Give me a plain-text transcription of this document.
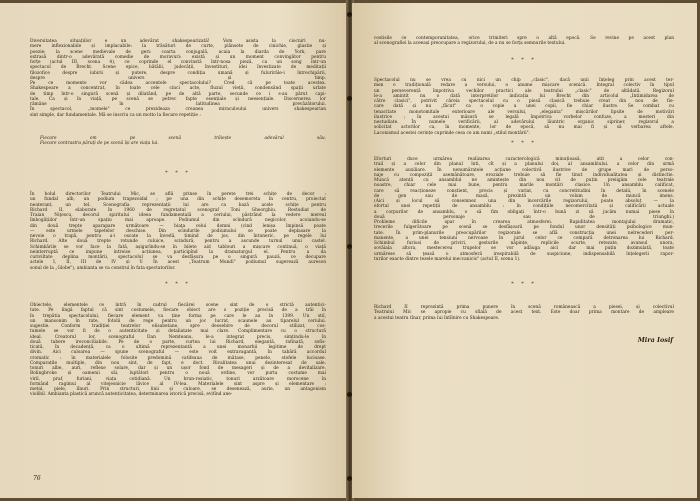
Diversitatea situațiilor e un adevărat shakespearizată! Vom asista la ciocniri nu-
mere inflexionabile și implacabile: la trăsături de curte, plânsete de cinichie, glastie și
poezie; la scene medievale de geri: coarta conjugală, acaia la diarda de York, pare
extrasă dintr-o adevărată comedie de moravuri: există și un moment convingător pentru
forțe (actul III, scena 4), ce coprinde el convinstă într-nosa pieză, ca un song într-un
spectacol de Brecht. Scene epice, bătălii, judecății, învestituri, idei învestizate de meditații
filozofice despre iubirii și putere, despre condiția umană și fulurirăle-i întrechipării,
despre univers și timp.
Pe ce momente vor cădea accentele spectacolului? Cred că pe toate acestea.
Shakespeare a concentrat, în toate cele cinci acte, fluxul vieții, condensând spații urlate
de timp într-o singură scenă și dilatând, pe de altă parte, secunde ce i s-au părut capi-
tale. Ca și în viață, pe scenă se petrec fapte esențiale și neesențiale. Discernerea lor
rămâne în latitudinea prevăzătorului.
În spectacol, „momele" ce prezideaza creanea miraculoului univers shakespearian
sint simple, dar fundamentale. Mă se inscriu ca un motto la fiecare repetiție :
Fiecare om pe scenă trăiește adevărul său.
Fiecare contrastru păruți de pe scenă își are viața lui.
* * *
În holul directorilor Teatrului Mic, se află prinse în perete trei schițe de decor :
un fundal alb, un podium trapezoidal ; pe una din schițe desemoreta în centru, proiectat
neaterant, un tel. Scenografia reprezentații lui are ca bază acele schițe pentru
Richard II, elaborate în 1960 de regretatul scenograf Toni Gheorghiu. Restudiat de
Traian Niţescu, decorul spiritului ideea fundamentală a ceriului, păstrând la vedere mereul
îmbogățiilor într-un spațiu mai aproape. Podiumul din scîndură negicolor, acoiandu-se
din două trepte aparapare următoare — biaţa celui domni (cind lenișa împinsă poate
— este urmele tapetelor deschise. Din scindurile podiumului se poate deplasare la
nevoie o trapă, pentru a-i oscate la învedă, timind de jos, din întuneric, pe regele lui
Richard. Alte două trepte rotunde culuice, scindură, pentru a ascunde turnul unui castel.
Schimbările se vor face la fată, așigurîndu-se în bilete aid tablouri a mișcare continuă, o viață
neinterruptă ce impune intreise acțiunea, participînd la dramaturgul el. Pentru a da
curiviltate deplina montării, spectacolul se va desfășura pe o singură pauză, ce decupare
actele I, II, III de IV și V. În acest „Teatrum Mundi" podiumul sugerează aureson
sonul de la „Globe"), ambianta se va construi în fata spectatorilor.
* * *
Obiectele, elementele ce intră în cadrul fiecărei scene sint de o strictă autentici-
tate. Pe lingă faptul că sint costumele, fiecare obiect are o poziție precisă de a trăi în
în trepătia spectacolului, fiecare element va ține forma pe care le au în 1399. Un stil,
un mansonim în rate, fotolii de rege pentru un joc lucrat, scaunele au tiparelul ceriului.
sugestie. Conform tradiției teatrelor elisabetane, spre deosebire de decorul stilizat, cos-
tumele se vor fi de o autenticitate și detaliatate mai clare. Complimentare cu o structură
ideal. Creatorul lor, scenograful Dan Nemteanu, le-a integrat precis, simțindu-le în
două tabere ireconciliabile. Pe de o parte, curtea lui Richard, elegantă, rafinată, sofis-
ticată, în decadență, ca o ultimă reprezentantă a unei monarhii legitime de drept
divin. Aici culoarea — spune scenograful — este voit extravagantă, în tabără accordul
cromatic : în materialele folosite predomină catifeaua de mătase, penele, stofele lucioase.
Comparațile multiple, din nou sint, de fapt, e doct. Rivalitatea unui dezinteresat de sale.
tonuri albe, auri, reflexe solare, dar și un ușor fond de mesageri și de a devitalizare.
Bolingbroke și oamenii săi, luptători pentru o nouă ordine, vor purta costume mai
viril, praf, furiani, viața cotidiană. Un brun-rosiatic, tonuri arzătoare morocene în
formând ragimui al vitejesnicie lăvice al IV-lea. Materialele sint aspre și elementare :
metal, piele, lînuri. Prin structuri, linii și culoare, se desenează, aurie, un antagonism
violibil. Ambianta plastică aruncă autenticitatea, determinarea istorică precisă, evitînd ane-
76
costisile ce contemporanitatea, orice trimiteri spre o altă epocă. Se revine pe acest plan
al scenografiei la aceeași preocupare a regizorului, de a nu se forța semnurile textului.
* * *
Spectacolul nu se vrea cu nici un chip „clasic", dacă unii înțeleg prin acest ter-
men o tradițională redare a versului, o anume mișcare scenică. Integral colectiv în tipul
un perseverență împotriva vechilor practici ale teatrului „clasic" de altădată. Regizorul
le-a amintit nu o dată interpretilor indicația lui Brecht din articolul „Intimidarea de
către clasici", potrivit căreia spectacolul cu o piesă clasică trebuie creat din nou de fie-
care dată și nu „făcut" ca o copie a unei copii, fie chiar ilustre. Se combat cu
tenacitate monotomitale exterioare ale versului, „eleganta" mișcărilor lipsite de motivări
ilustrice ; în acestui măsură se legală împotriva vorbelor confuze, a mesteri din
nestudiate. În numele verificării, al adevărului lăuntric organic sipriner, regizorul a
solicitat actorilor ca, în momente, lor de epocă, să nu mai fi și să verbarea aftele.
Laconismul acestei cerințe cuprinde cesa ce am numi „stilul montării".
* * *
Eforturi duce urmărea realizarea caracterologică minuțioasă, atit a celor con-
trail și a celor din planul înti, cît și a planului doi, al ansamblului. a celor din urmă
elemente auxiliare. În nenumăratele acțiune colectivă ilustrive de grupe mari de perso-
naje cu compoziții asemănătoare, eroziale trebuie să fie tinut individualitatea și distinctie.
Muncă atentă cu ansamblul ne amintește din nou cit de puțin preiigâm cele teatrale
noastre, chiar cele mai bune, pentru marile montări clasice. Un ansamblu calificat,
care să reacționeze conștient, precis și variat, cu concretitudini în detalii, în scenele
de gen sau de masă, prezintă un volum de muncă imens.
(Aici și locul să consemnez una din încercările regizorului, poate absoluț — la
efortul unei repetiții de ansamblu : în condițiile necomercitatii și calificării actuale
a corpurilor de ansamblu, o să fim obligați într-o bună zi să jucăm numai piese în
două personaje sau de triunghi.)
Probleme dificile apar în crearea atmosferei. Rapiditatea montajului dramatic,
trecerile fulgerătoare pe scenă se desfășoară pe fondul unor densități psihologice mun-
tate. În prim-planurile preocupărilor regizorale se află construcția unei nelrecederi per-
manente, a unei tensiuni nervoase în jurul celor ce compară detronarea lui Richard.
Schimbul furiusi de priviri, gesturile nâpințe, replicile scurte, retezate, avansul unora,
sovăiala altora, mestecerea trupelor se vor adăuga aici dar mai puțin dozimulată, toate
urmărese să ţeasă o atmosferă irespirabilă de suspiciune, indispensabilă înțelegerii rapor-
turilor exacte dintre tezele marelui meccanicis" (actul II, scena 1).
* * *
Richard II reprezintă prima punere în scenă românească a piesei, și colectivul
Teatrului Mic se apropie cu sfială de acest text. Este doar prima montare de ampleare
a acestui teatru tînar, prima lui întîlnire cu Shakespeare.
Mira Iosif
